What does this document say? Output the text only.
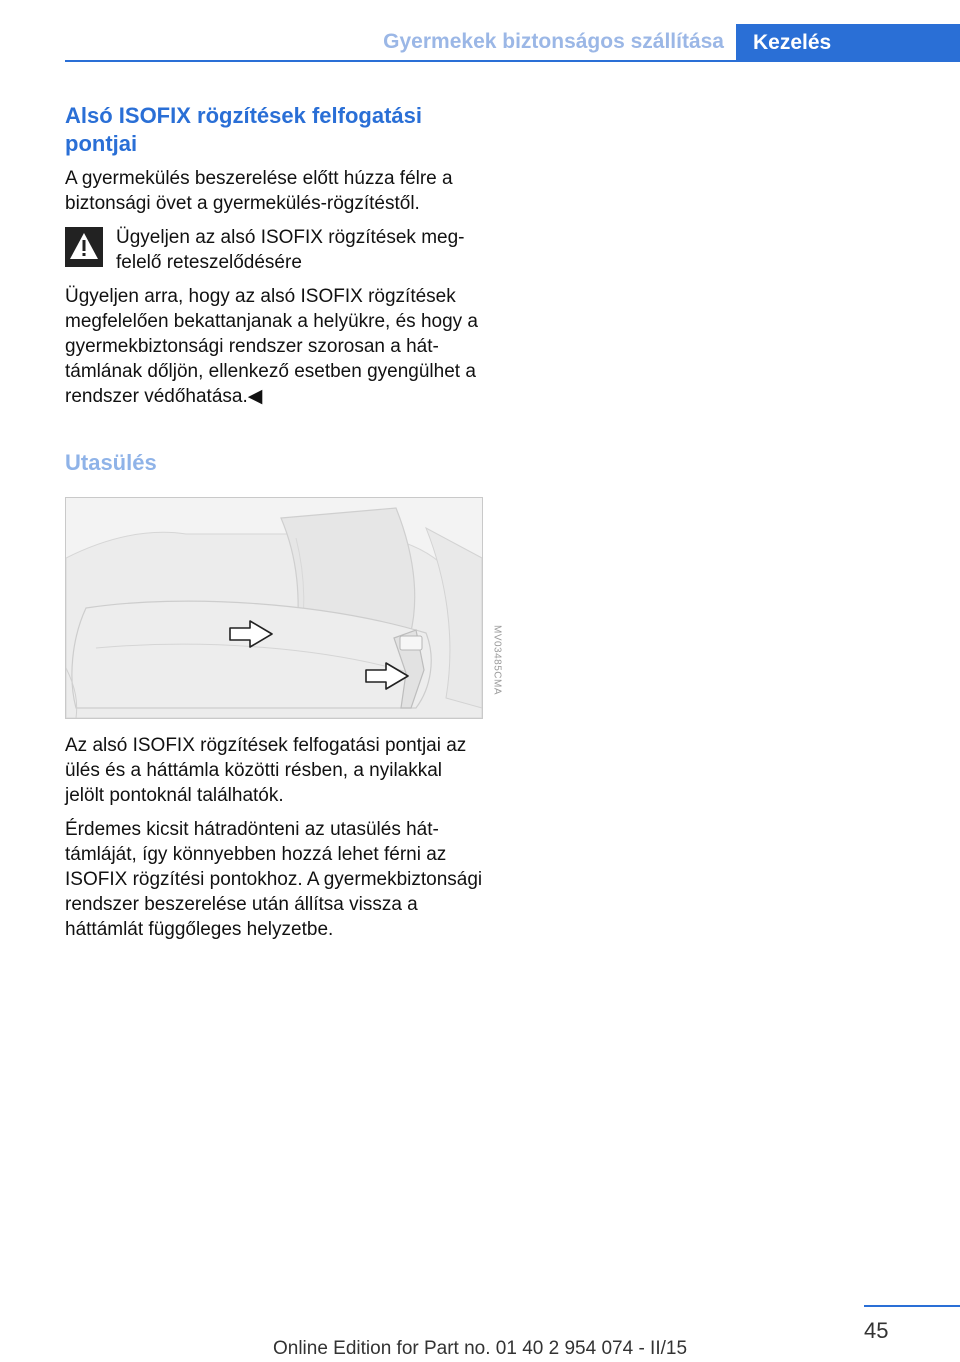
Gyermekek biztonságos szállítása	Kezelés
Alsó ISOFIX rögzítések felfogatási pontjai

A gyermekülés beszerelése előtt húzza félre a biztonsági övet a gyermekülés-rögzítéstől.

Ügyeljen az alsó ISOFIX rögzítések megfelelő reteszelődésére

Ügyeljen arra, hogy az alsó ISOFIX rögzítések megfelelően bekattanjanak a helyükre, és hogy a gyermekbiztonsági rendszer szorosan a háttámlának dőljön, ellenkező esetben gyengülhet a rendszer védőhatása.◀

Utasülés

Az alsó ISOFIX rögzítések felfogatási pontjai az ülés és a háttámla közötti résben, a nyilakkal jelölt pontoknál találhatók.

Érdemes kicsit hátradönteni az utasülés háttámláját, így könnyebben hozzá lehet férni az ISOFIX rögzítési pontokhoz. A gyermekbiztonsági rendszer beszerelése után állítsa vissza a háttámlát függőleges helyzetbe.

MV03485CMA
45
Online Edition for Part no. 01 40 2 954 074 - II/15
